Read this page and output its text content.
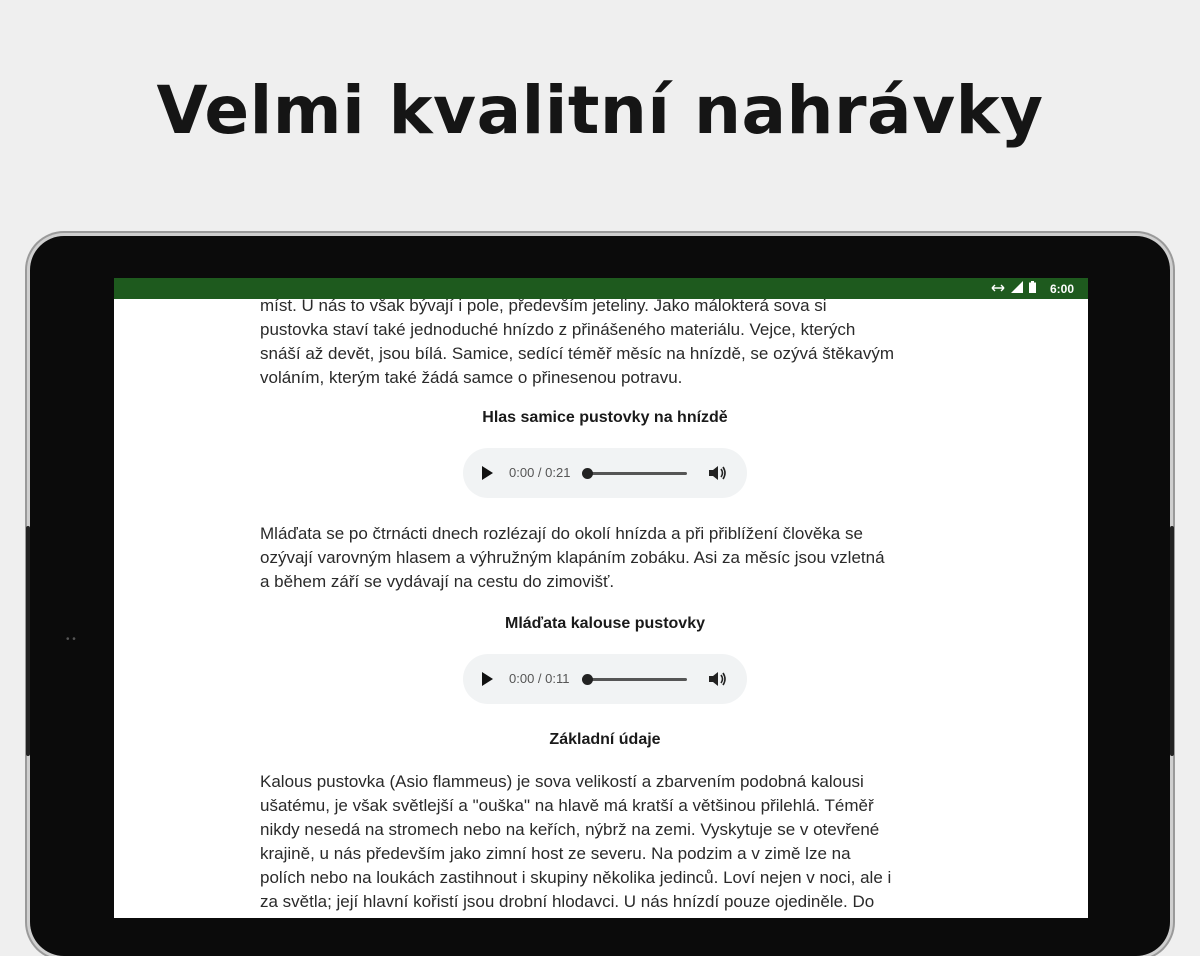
Velmi kvalitní nahrávky
• •
6:00
míst. U nás to však bývají i pole, především jeteliny. Jako málokterá sova si
pustovka staví také jednoduché hnízdo z přinášeného materiálu. Vejce, kterých
snáší až devět, jsou bílá. Samice, sedící téměř měsíc na hnízdě, se ozývá štěkavým
voláním, kterým také žádá samce o přinesenou potravu.
Hlas samice pustovky na hnízdě
0:00 / 0:21
Mláďata se po čtrnácti dnech rozlézají do okolí hnízda a při přiblížení člověka se
ozývají varovným hlasem a výhružným klapáním zobáku. Asi za měsíc jsou vzletná
a během září se vydávají na cestu do zimovišť.
Mláďata kalouse pustovky
0:00 / 0:11
Základní údaje
Kalous pustovka (Asio flammeus) je sova velikostí a zbarvením podobná kalousi
ušatému, je však světlejší a "ouška" na hlavě má kratší a většinou přilehlá. Téměř
nikdy nesedá na stromech nebo na keřích, nýbrž na zemi. Vyskytuje se v otevřené
krajině, u nás především jako zimní host ze severu. Na podzim a v zimě lze na
polích nebo na loukách zastihnout i skupiny několika jedinců. Loví nejen v noci, ale i
za světla; její hlavní kořistí jsou drobní hlodavci. U nás hnízdí pouze ojediněle. Do
